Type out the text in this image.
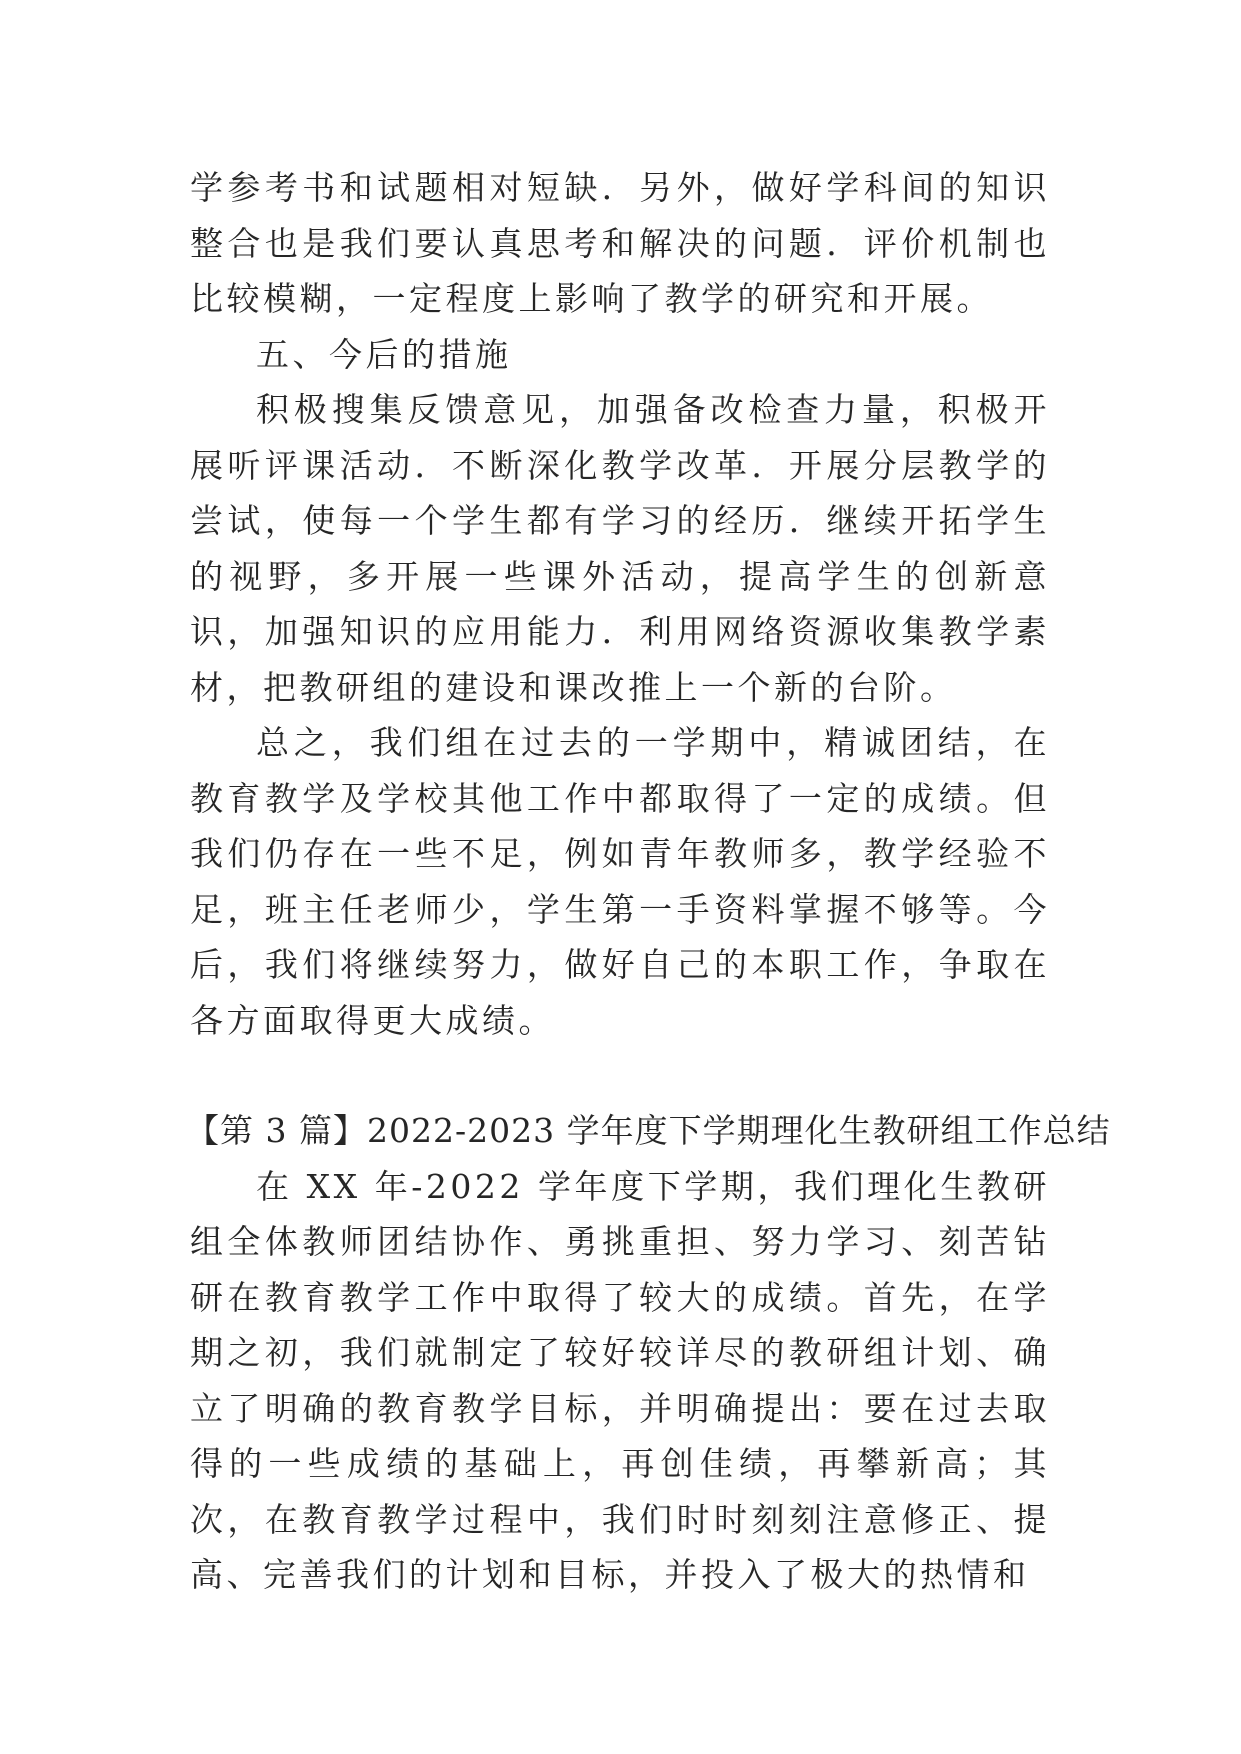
学参考书和试题相对短缺．另外，做好学科间的知识整合也是我们要认真思考和解决的问题．评价机制也比较模糊，一定程度上影响了教学的研究和开展。

五、今后的措施

积极搜集反馈意见，加强备改检查力量，积极开展听评课活动．不断深化教学改革．开展分层教学的尝试，使每一个学生都有学习的经历．继续开拓学生的视野，多开展一些课外活动，提高学生的创新意识，加强知识的应用能力．利用网络资源收集教学素材，把教研组的建设和课改推上一个新的台阶。

总之，我们组在过去的一学期中，精诚团结，在教育教学及学校其他工作中都取得了一定的成绩。但我们仍存在一些不足，例如青年教师多，教学经验不足，班主任老师少，学生第一手资料掌握不够等。今后，我们将继续努力，做好自己的本职工作，争取在各方面取得更大成绩。

【第 3 篇】2022-2023 学年度下学期理化生教研组工作总结

在 XX 年-2022 学年度下学期，我们理化生教研组全体教师团结协作、勇挑重担、努力学习、刻苦钻研在教育教学工作中取得了较大的成绩。首先，在学期之初，我们就制定了较好较详尽的教研组计划、确立了明确的教育教学目标，并明确提出：要在过去取得的一些成绩的基础上，再创佳绩，再攀新高；其次，在教育教学过程中，我们时时刻刻注意修正、提高、完善我们的计划和目标，并投入了极大的热情和
